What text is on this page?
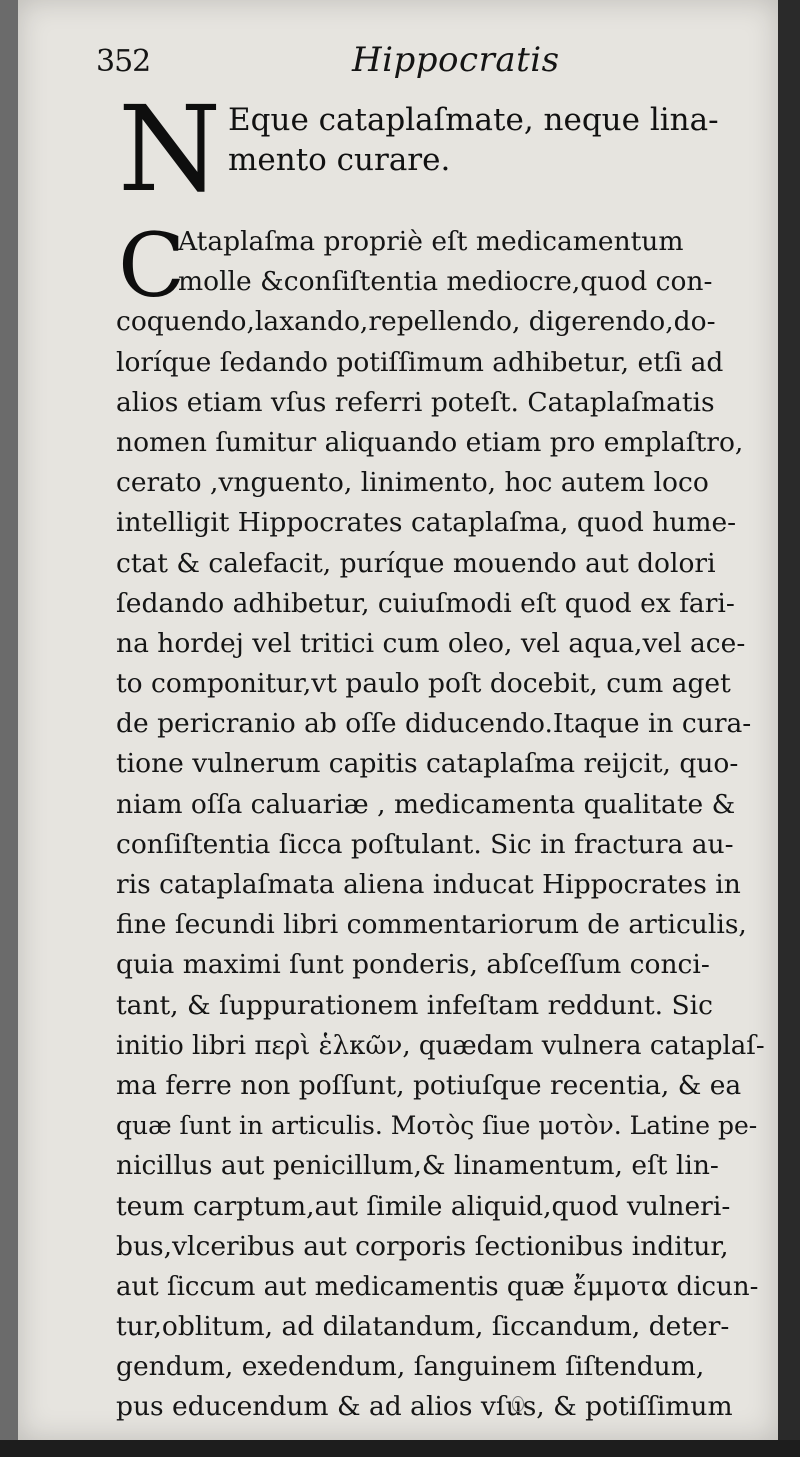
352	Hippocratis
N Eque cataplaſmate, neque lina-
mento curare.
C
Ataplaſma propriè eſt medicamentum
molle &conſiſtentia mediocre,quod con-
coquendo,laxando,repellendo, digerendo,do-
loríque ſedando potiſſimum adhibetur, etſi ad
alios etiam vſus referri poteſt. Cataplaſmatis
nomen ſumitur aliquando etiam pro emplaſtro,
cerato ,vnguento, linimento, hoc autem loco
intelligit Hippocrates cataplaſma, quod hume-
ctat & calefacit, puríque mouendo aut dolori
ſedando adhibetur, cuiuſmodi eſt quod ex fari-
na hordej vel tritici cum oleo, vel aqua,vel ace-
to componitur,vt paulo poſt docebit, cum aget
de pericranio ab oſſe diducendo.Itaque in cura-
tione vulnerum capitis cataplaſma reijcit, quo-
niam oſſa caluariæ , medicamenta qualitate &
conſiſtentia ſicca poſtulant. Sic in fractura au-
ris cataplaſmata aliena inducat Hippocrates in
fine ſecundi libri commentariorum de articulis,
quia maximi ſunt ponderis, abſceſſum conci-
tant, & ſuppurationem infeſtam reddunt. Sic
initio libri περὶ ἑλκῶν, quædam vulnera cataplaſ-
ma ferre non poſſunt, potiuſque recentia, & ea
quæ ſunt in articulis. Μοτὸς ſiue μοτὸν. Latine pe-
nicillus aut penicillum,& linamentum, eſt lin-
teum carptum,aut ſimile aliquid,quod vulneri-
bus,vlceribus aut corporis ſectionibus inditur,
aut ſiccum aut medicamentis quæ ἔμμοτα dicun-
tur,oblitum, ad dilatandum, ſiccandum, deter-
gendum, exedendum, ſanguinem ſiſtendum,
pus educendum & ad alios vſus, & potiſſimum
